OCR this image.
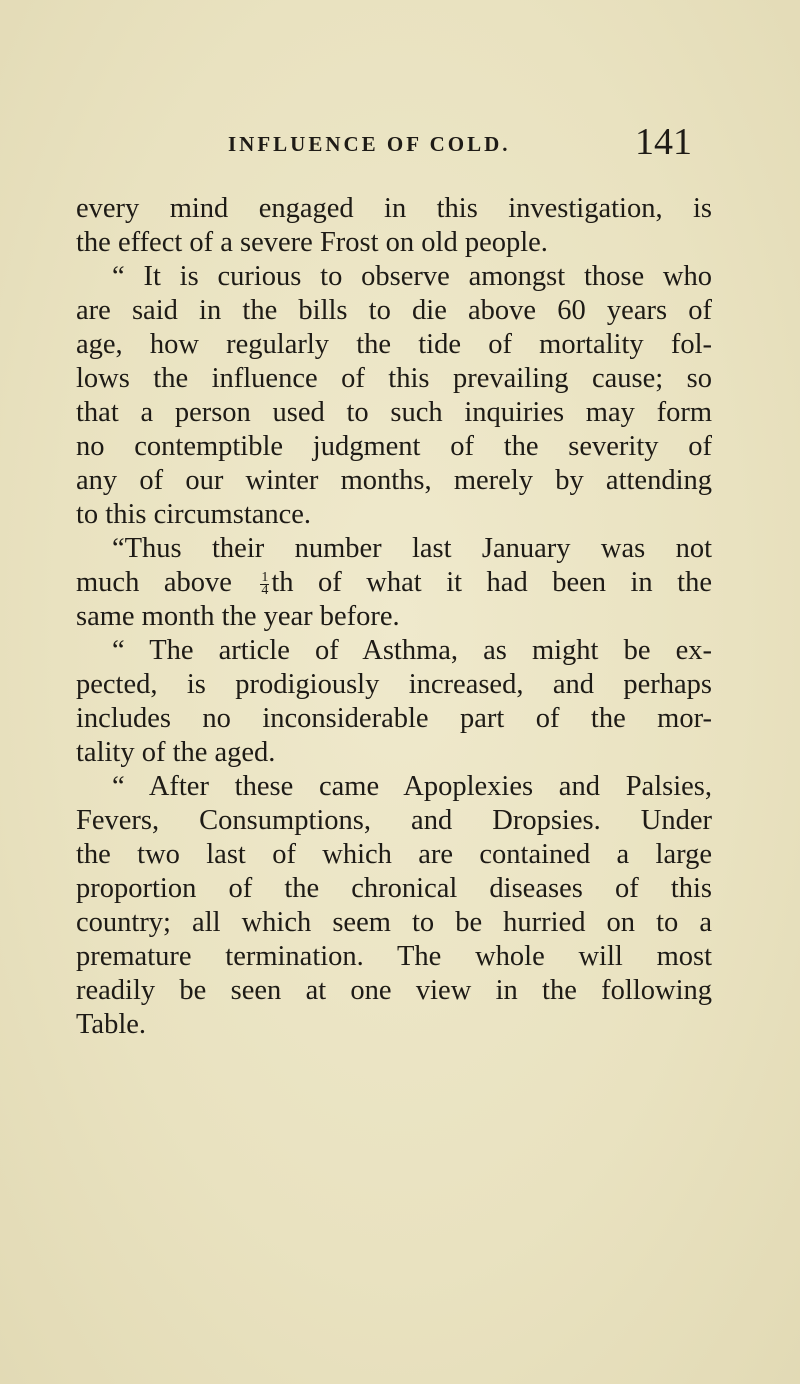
INFLUENCE OF COLD.	141
every mind engaged in this investigation, is
the effect of a severe Frost on old people.
“ It is curious to observe amongst those who
are said in the bills to die above 60 years of
age, how regularly the tide of mortality fol-
lows the influence of this prevailing cause; so
that a person used to such inquiries may form
no contemptible judgment of the severity of
any of our winter months, merely by attending
to this circumstance.
“Thus their number last January was not
much above $\frac{1}{4}$ th of what it had been in the
same month the year before.
“ The article of Asthma, as might be ex-
pected, is prodigiously increased, and perhaps
includes no inconsiderable part of the mor-
tality of the aged.
“ After these came Apoplexies and Palsies,
Fevers, Consumptions, and Dropsies. Under
the two last of which are contained a large
proportion of the chronical diseases of this
country; all which seem to be hurried on to a
premature termination. The whole will most
readily be seen at one view in the following
Table.
